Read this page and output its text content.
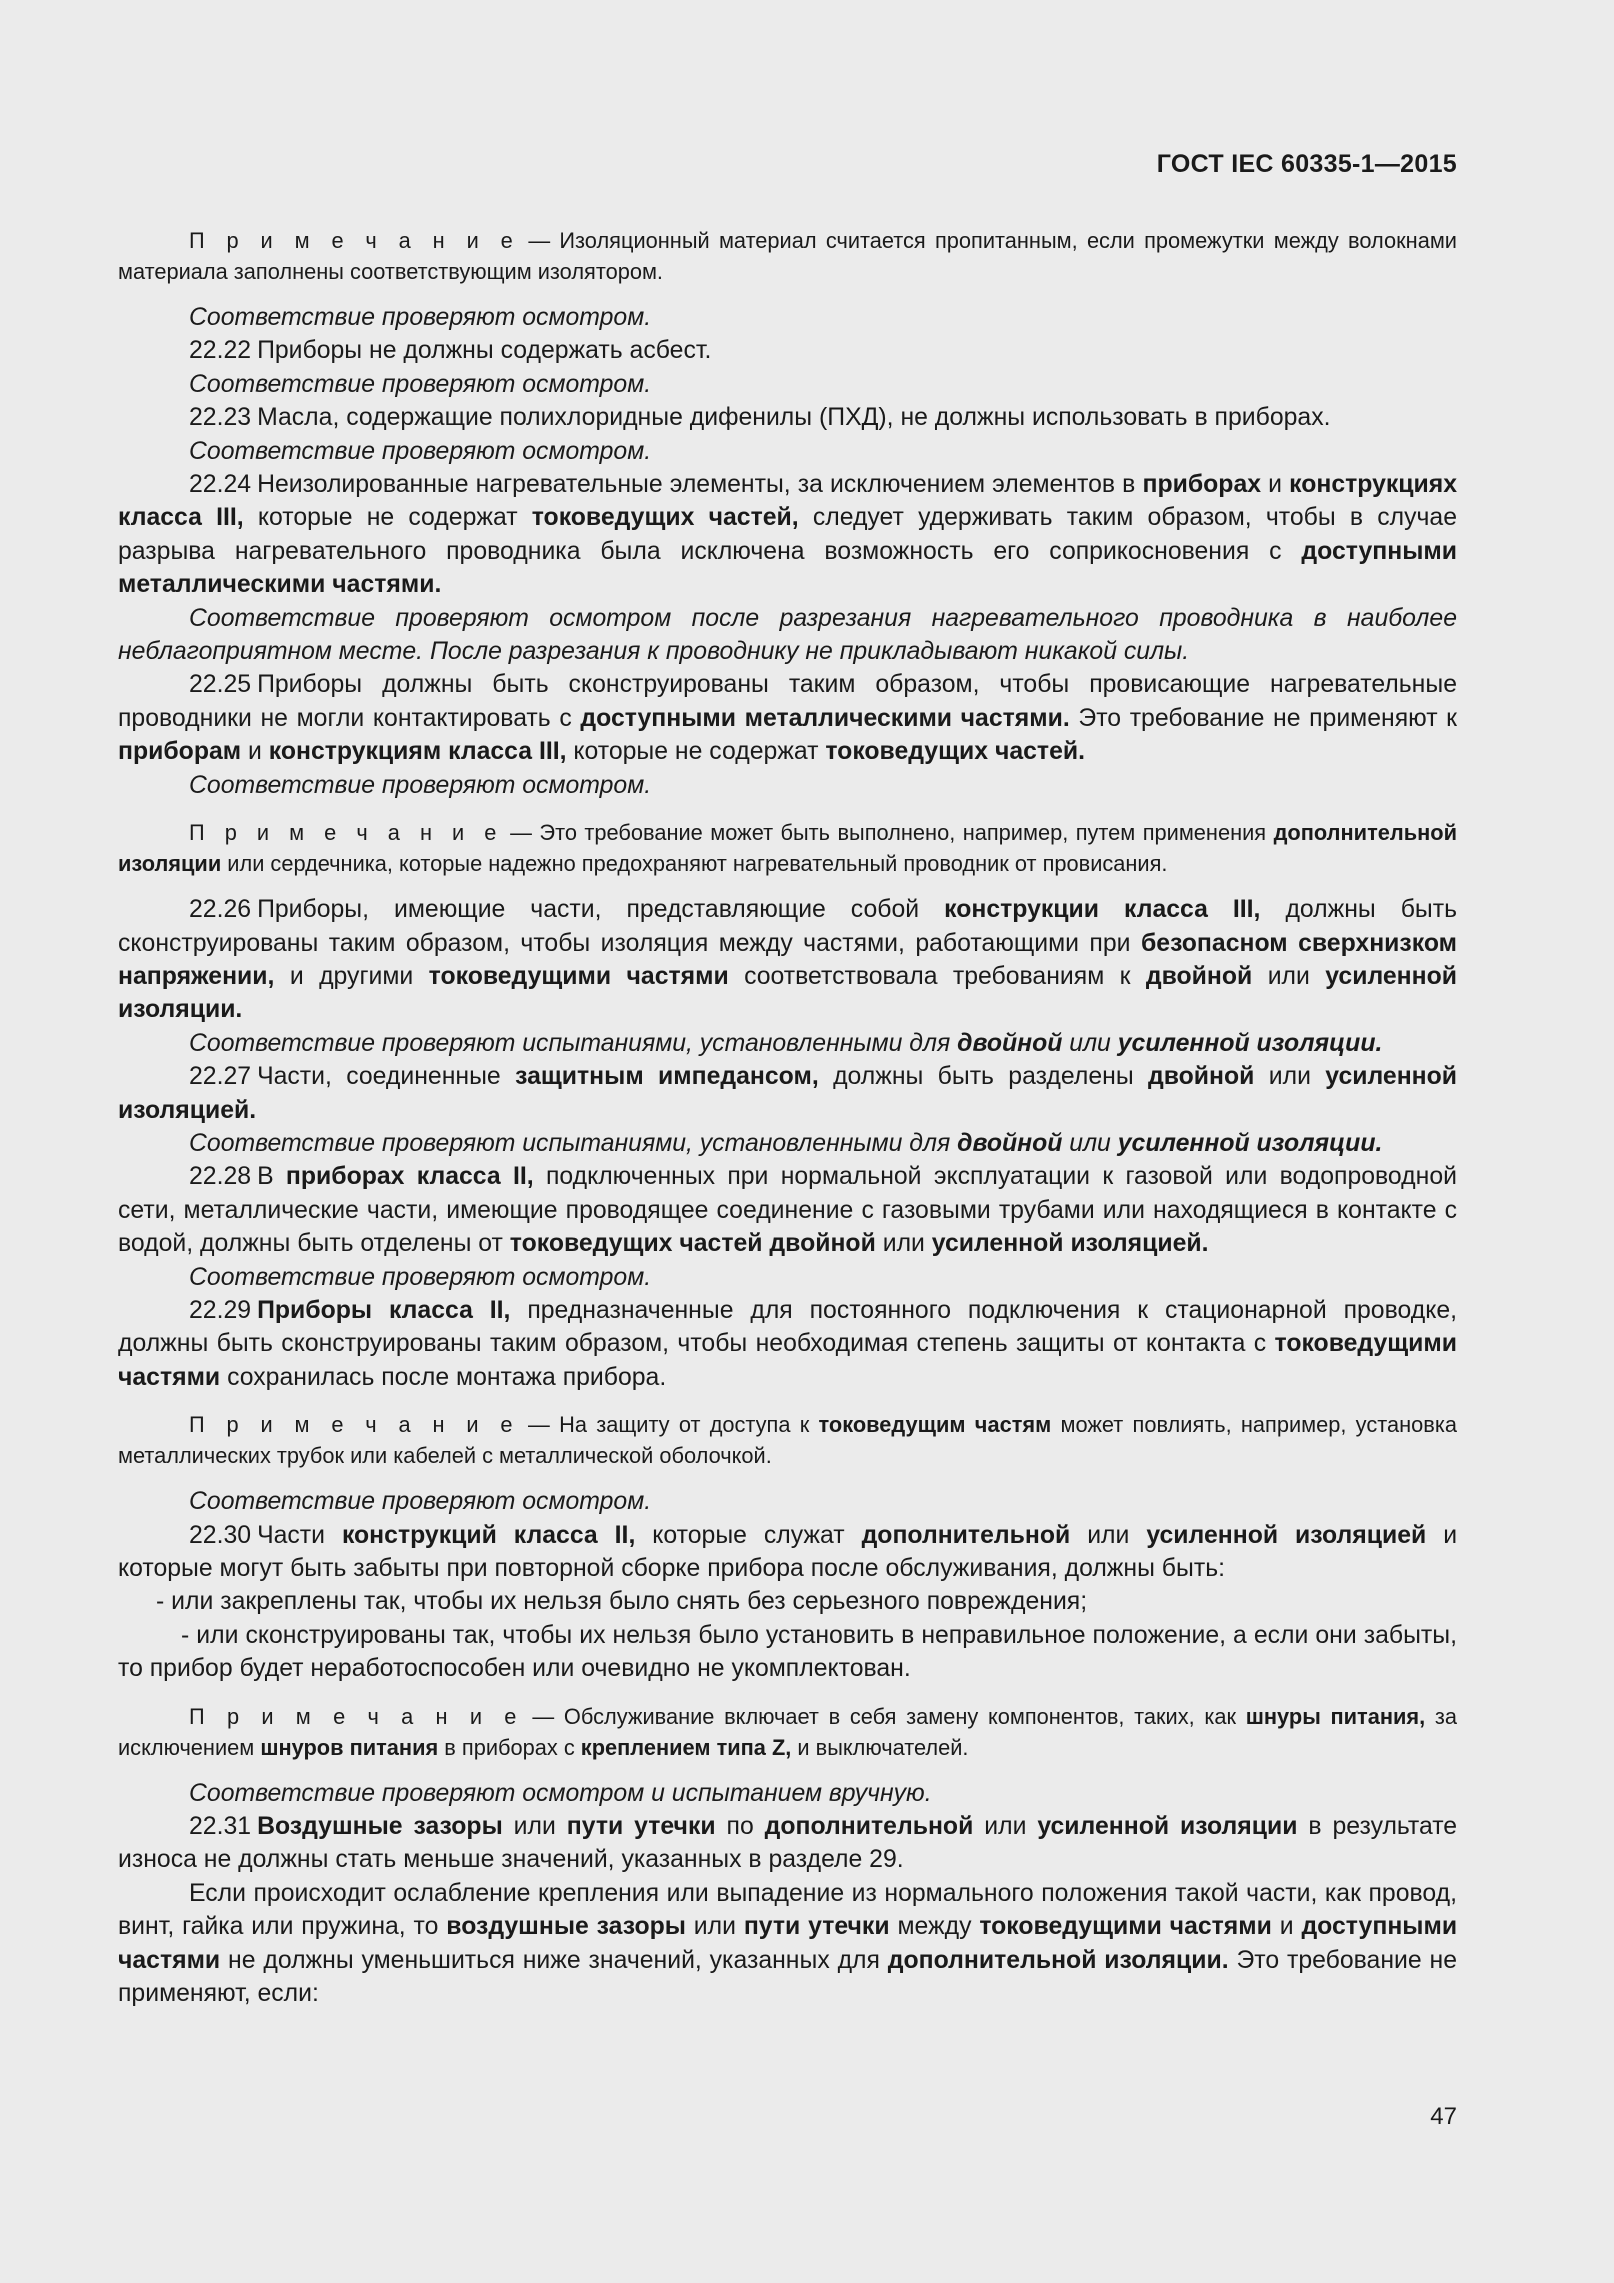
ГОСТ IEC 60335-1—2015

П р и м е ч а н и е — Изоляционный материал считается пропитанным, если промежутки между волокнами материала заполнены соответствующим изолятором.

Соответствие проверяют осмотром.

22.22 Приборы не должны содержать асбест.

Соответствие проверяют осмотром.

22.23 Масла, содержащие полихлоридные дифенилы (ПХД), не должны использовать в приборах.

Соответствие проверяют осмотром.

22.24 Неизолированные нагревательные элементы, за исключением элементов в приборах и конструкциях класса III, которые не содержат токоведущих частей, следует удерживать таким образом, чтобы в случае разрыва нагревательного проводника была исключена возможность его соприкосновения с доступными металлическими частями.

Соответствие проверяют осмотром после разрезания нагревательного проводника в наиболее неблагоприятном месте. После разрезания к проводнику не прикладывают никакой силы.

22.25 Приборы должны быть сконструированы таким образом, чтобы провисающие нагревательные проводники не могли контактировать с доступными металлическими частями. Это требование не применяют к приборам и конструкциям класса III, которые не содержат токоведущих частей.

Соответствие проверяют осмотром.

П р и м е ч а н и е — Это требование может быть выполнено, например, путем применения дополнительной изоляции или сердечника, которые надежно предохраняют нагревательный проводник от провисания.

22.26 Приборы, имеющие части, представляющие собой конструкции класса III, должны быть сконструированы таким образом, чтобы изоляция между частями, работающими при безопасном сверхнизком напряжении, и другими токоведущими частями соответствовала требованиям к двойной или усиленной изоляции.

Соответствие проверяют испытаниями, установленными для двойной или усиленной изоляции.

22.27 Части, соединенные защитным импедансом, должны быть разделены двойной или усиленной изоляцией.

Соответствие проверяют испытаниями, установленными для двойной или усиленной изоляции.

22.28 В приборах класса II, подключенных при нормальной эксплуатации к газовой или водопроводной сети, металлические части, имеющие проводящее соединение с газовыми трубами или находящиеся в контакте с водой, должны быть отделены от токоведущих частей двойной или усиленной изоляцией.

Соответствие проверяют осмотром.

22.29 Приборы класса II, предназначенные для постоянного подключения к стационарной проводке, должны быть сконструированы таким образом, чтобы необходимая степень защиты от контакта с токоведущими частями сохранилась после монтажа прибора.

П р и м е ч а н и е — На защиту от доступа к токоведущим частям может повлиять, например, установка металлических трубок или кабелей с металлической оболочкой.

Соответствие проверяют осмотром.

22.30 Части конструкций класса II, которые служат дополнительной или усиленной изоляцией и которые могут быть забыты при повторной сборке прибора после обслуживания, должны быть:

- или закреплены так, чтобы их нельзя было снять без серьезного повреждения;

- или сконструированы так, чтобы их нельзя было установить в неправильное положение, а если они забыты, то прибор будет неработоспособен или очевидно не укомплектован.

П р и м е ч а н и е — Обслуживание включает в себя замену компонентов, таких, как шнуры питания, за исключением шнуров питания в приборах с креплением типа Z, и выключателей.

Соответствие проверяют осмотром и испытанием вручную.

22.31 Воздушные зазоры или пути утечки по дополнительной или усиленной изоляции в результате износа не должны стать меньше значений, указанных в разделе 29.

Если происходит ослабление крепления или выпадение из нормального положения такой части, как провод, винт, гайка или пружина, то воздушные зазоры или пути утечки между токоведущими частями и доступными частями не должны уменьшиться ниже значений, указанных для дополнительной изоляции. Это требование не применяют, если:

47
